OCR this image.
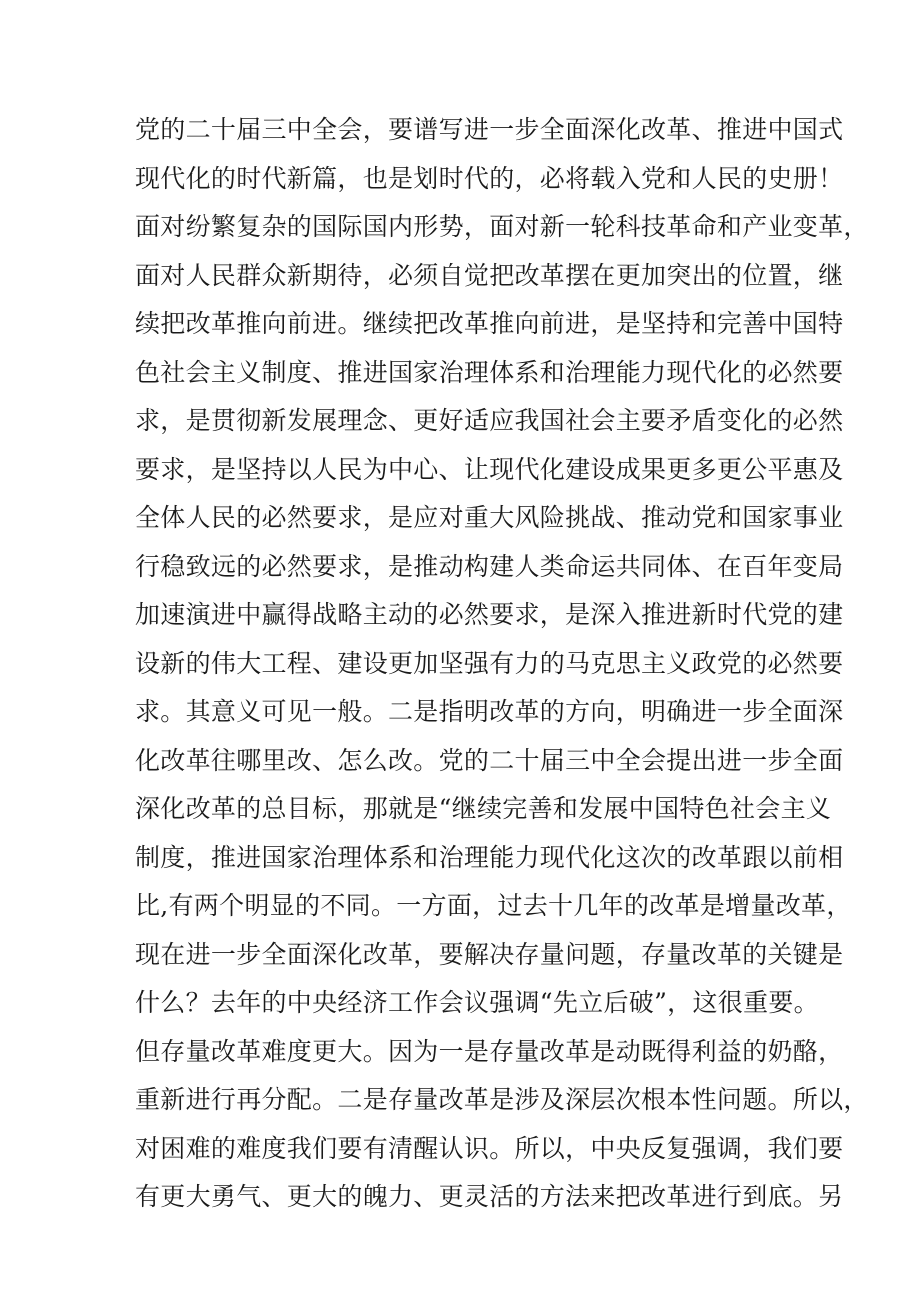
党的二十届三中全会，要谱写进一步全面深化改革、推进中国式
现代化的时代新篇，也是划时代的，必将载入党和人民的史册！
面对纷繁复杂的国际国内形势，面对新一轮科技革命和产业变革，
面对人民群众新期待，必须自觉把改革摆在更加突出的位置，继
续把改革推向前进。继续把改革推向前进，是坚持和完善中国特
色社会主义制度、推进国家治理体系和治理能力现代化的必然要
求，是贯彻新发展理念、更好适应我国社会主要矛盾变化的必然
要求，是坚持以人民为中心、让现代化建设成果更多更公平惠及
全体人民的必然要求，是应对重大风险挑战、推动党和国家事业
行稳致远的必然要求，是推动构建人类命运共同体、在百年变局
加速演进中赢得战略主动的必然要求，是深入推进新时代党的建
设新的伟大工程、建设更加坚强有力的马克思主义政党的必然要
求。其意义可见一般。二是指明改革的方向，明确进一步全面深
化改革往哪里改、怎么改。党的二十届三中全会提出进一步全面
深化改革的总目标，那就是“继续完善和发展中国特色社会主义
制度，推进国家治理体系和治理能力现代化这次的改革跟以前相
比,有两个明显的不同。一方面，过去十几年的改革是增量改革，
现在进一步全面深化改革，要解决存量问题，存量改革的关键是
什么？去年的中央经济工作会议强调“先立后破”，这很重要。
但存量改革难度更大。因为一是存量改革是动既得利益的奶酪，
重新进行再分配。二是存量改革是涉及深层次根本性问题。所以，
对困难的难度我们要有清醒认识。所以，中央反复强调，我们要
有更大勇气、更大的魄力、更灵活的方法来把改革进行到底。另
